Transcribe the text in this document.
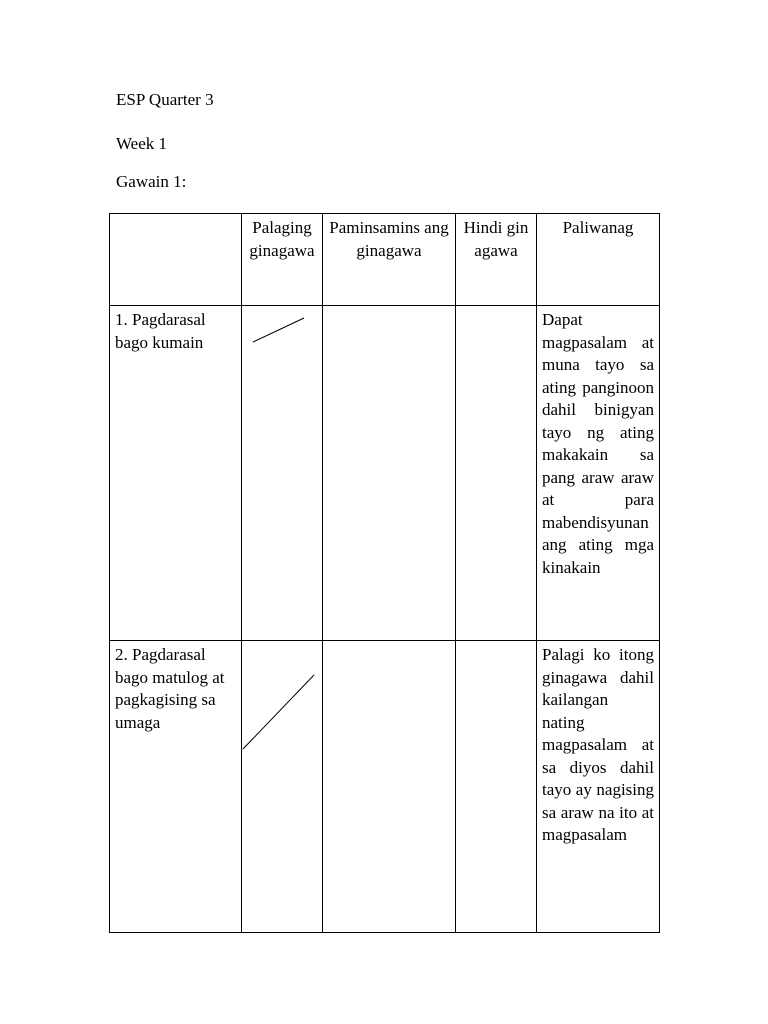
ESP Quarter 3
Week 1
Gawain 1:
	Palaging ginagawa	Paminsamins ang ginagawa	Hindi ginagawa	Paliwanag
1. Pagdarasal bago kumain				Dapat magpasalam at muna tayo sa ating panginoon dahil binigyan tayo ng ating makakain sa pang araw araw at para mabendisyunan ang ating mga kinakain
2. Pagdarasal bago matulog at pagkagising sa umaga				Palagi ko itong ginagawa dahil kailangan nating magpasalam at sa diyos dahil tayo ay nagising sa araw na ito at magpasalam
